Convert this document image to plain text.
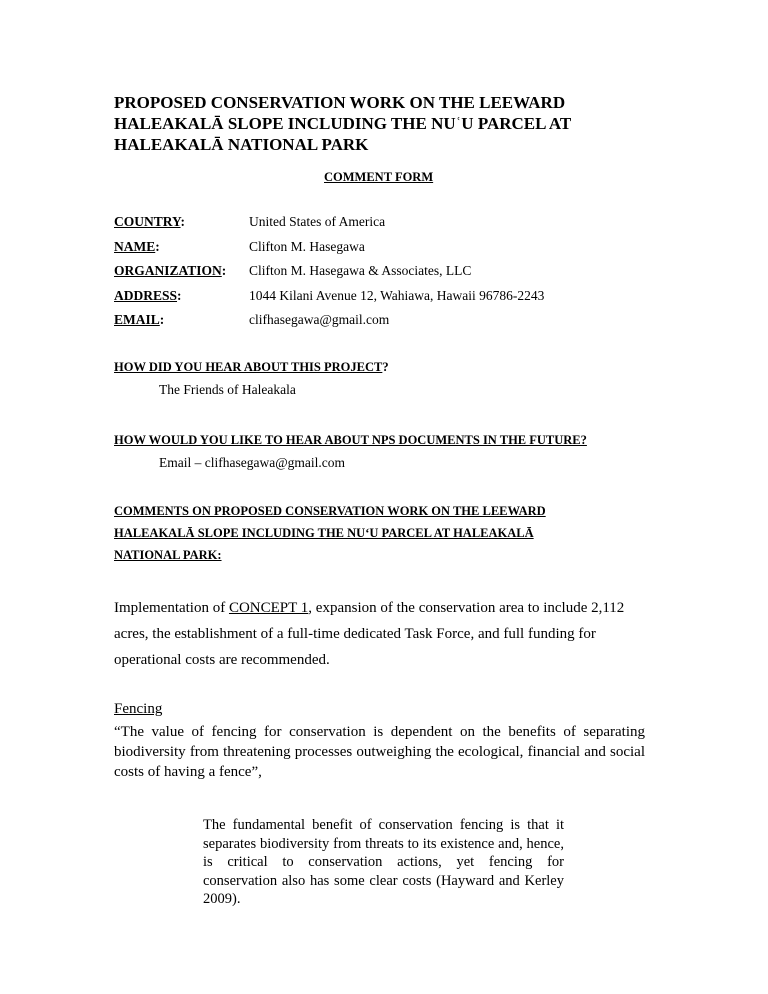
PROPOSED CONSERVATION WORK ON THE LEEWARD
HALEAKALĀ SLOPE INCLUDING THE NUʿU PARCEL AT
HALEAKALĀ NATIONAL PARK
COMMENT FORM
COUNTRY:	United States of America
NAME:	Clifton M. Hasegawa
ORGANIZATION: Clifton M. Hasegawa & Associates, LLC
ADDRESS:	1044 Kilani Avenue 12, Wahiawa, Hawaii 96786-2243
EMAIL:	clifhasegawa@gmail.com
HOW DID YOU HEAR ABOUT THIS PROJECT?
The Friends of Haleakala
HOW WOULD YOU LIKE TO HEAR ABOUT NPS DOCUMENTS IN THE FUTURE?
Email – clifhasegawa@gmail.com
COMMENTS ON PROPOSED CONSERVATION WORK ON THE LEEWARD
HALEAKALĀ SLOPE INCLUDING THE NUʻU PARCEL AT HALEAKALĀ
NATIONAL PARK:
Implementation of CONCEPT 1, expansion of the conservation area to include 2,112
acres, the establishment of a full-time dedicated Task Force, and full funding for
operational costs are recommended.
Fencing
“The value of fencing for conservation is dependent on the benefits of separating biodiversity from threatening processes outweighing the ecological, financial and social costs of having a fence”,
The fundamental benefit of conservation fencing is that it separates biodiversity from threats to its existence and, hence, is critical to conservation actions, yet fencing for conservation also has some clear costs (Hayward and Kerley 2009).
